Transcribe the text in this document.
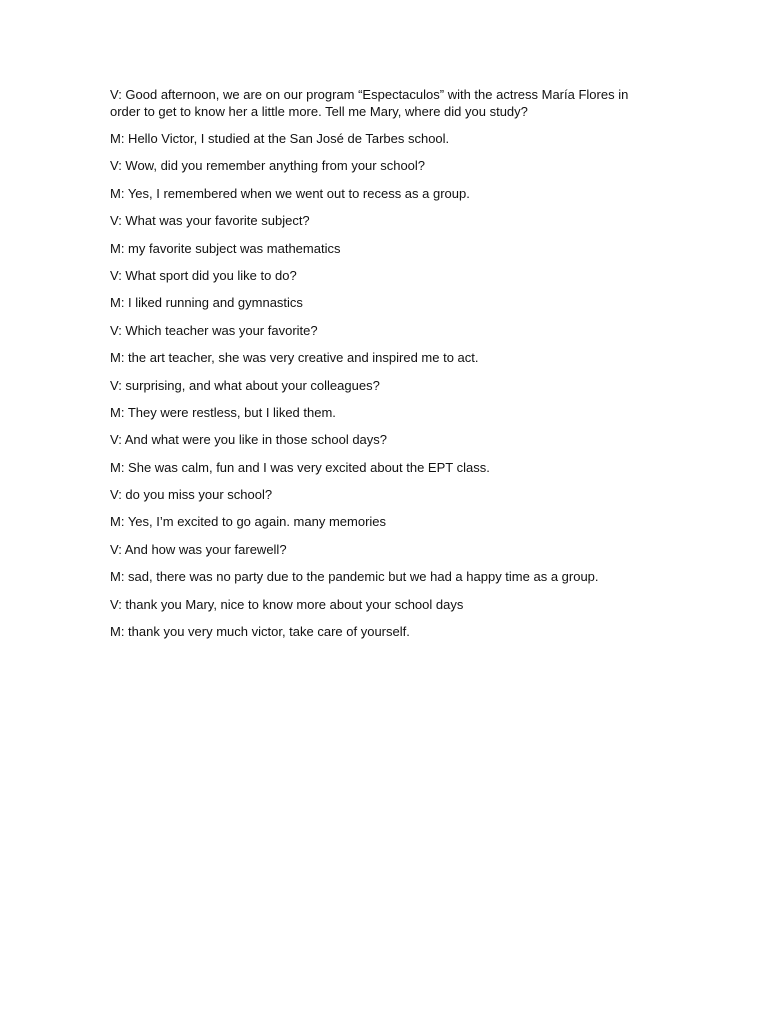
V: Good afternoon, we are on our program “Espectaculos” with the actress María Flores in order to get to know her a little more. Tell me Mary, where did you study?

M: Hello Victor, I studied at the San José de Tarbes school.

V: Wow, did you remember anything from your school?

M: Yes, I remembered when we went out to recess as a group.

V: What was your favorite subject?

M: my favorite subject was mathematics

V: What sport did you like to do?

M: I liked running and gymnastics

V: Which teacher was your favorite?

M: the art teacher, she was very creative and inspired me to act.

V: surprising, and what about your colleagues?

M: They were restless, but I liked them.

V: And what were you like in those school days?

M: She was calm, fun and I was very excited about the EPT class.

V: do you miss your school?

M: Yes, I’m excited to go again. many memories

V: And how was your farewell?

M: sad, there was no party due to the pandemic but we had a happy time as a group.

V: thank you Mary, nice to know more about your school days

M: thank you very much victor, take care of yourself.
